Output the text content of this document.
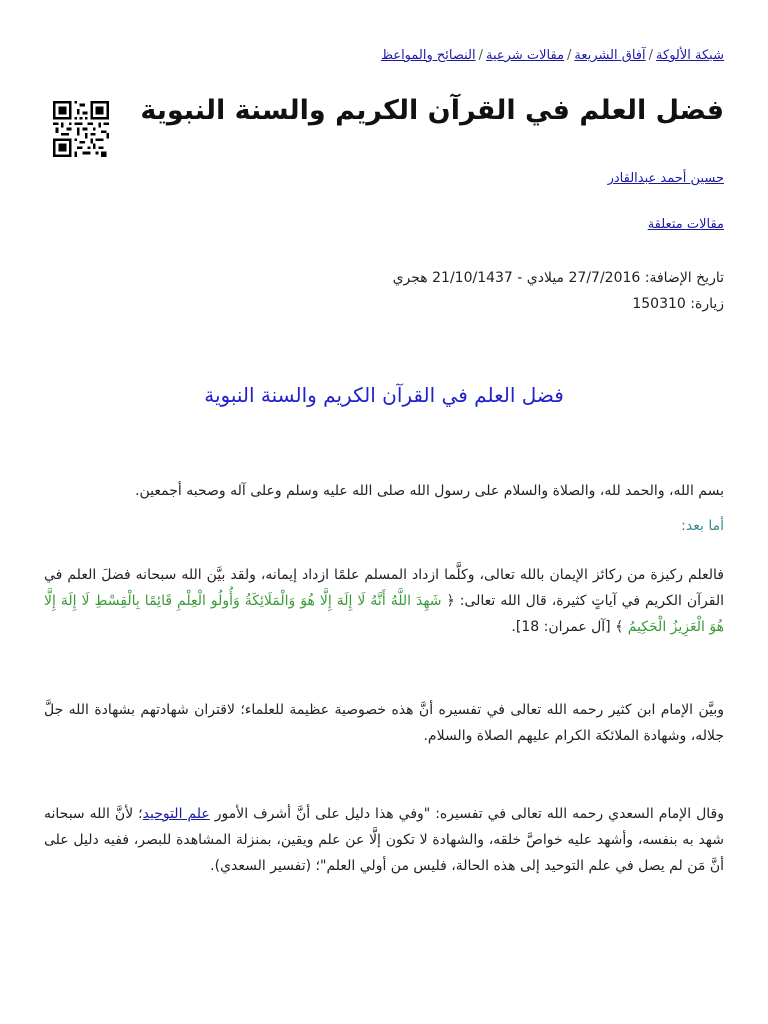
شبكة الألوكة/آفاق الشريعة/مقالات شرعية/النصائح والمواعظ
فضل العلم في القرآن الكريم والسنة النبوية
حسين أحمد عبدالقادر
مقالات متعلقة
تاريخ الإضافة: 27/7/2016 ميلادي - 21/10/1437 هجري
زيارة: 150310
فضل العلم في القرآن الكريم والسنة النبوية

بسم الله، والحمد لله، والصلاة والسلام على رسول الله صلى الله عليه وسلم وعلى آله وصحبه أجمعين.

أما بعد:

فالعلم ركيزة من ركائز الإيمان بالله تعالى، وكلَّما ازداد المسلم علمًا ازداد إيمانه، ولقد بيَّن الله سبحانه فضلَ العلم في القرآن الكريم في آياتٍ كثيرة، قال الله تعالى: ﴿ شَهِدَ اللَّهُ أَنَّهُ لَا إِلَهَ إِلَّا هُوَ وَالْمَلَائِكَةُ وَأُولُو الْعِلْمِ قَائِمًا بِالْقِسْطِ لَا إِلَهَ إِلَّا هُوَ الْعَزِيزُ الْحَكِيمُ ﴾ [آل عمران: 18].

وبيَّن الإمام ابن كثير رحمه الله تعالى في تفسيره أنَّ هذه خصوصية عظيمة للعلماء؛ لاقتران شهادتهم بشهادة الله جلَّ جلاله، وشهادة الملائكة الكرام عليهم الصلاة والسلام.

وقال الإمام السعدي رحمه الله تعالى في تفسيره: "وفي هذا دليل على أنَّ أشرف الأمور علم التوحيد؛ لأنَّ الله سبحانه شهد به بنفسه، وأشهد عليه خواصَّ خلقه، والشهادة لا تكون إلَّا عن علم ويقين، بمنزلة المشاهدة للبصر، ففيه دليل على أنَّ مَن لم يصل في علم التوحيد إلى هذه الحالة، فليس من أولي العلم"؛ (تفسير السعدي).
